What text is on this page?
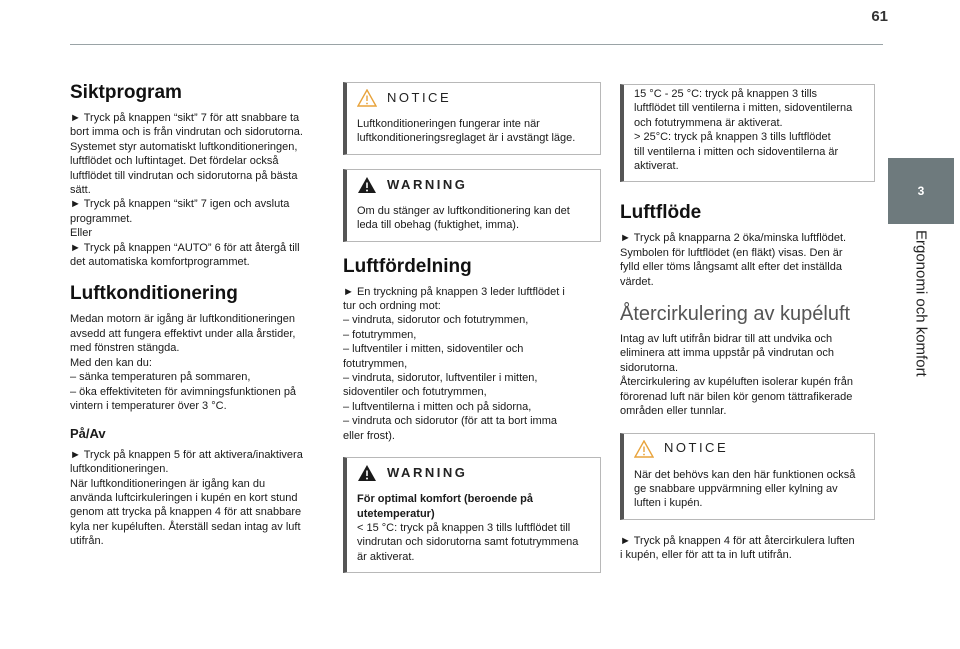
61
3
Ergonomi och komfort
Siktprogram

► Tryck på knappen “sikt” 7 för att snabbare ta
bort imma och is från vindrutan och sidorutorna.
Systemet styr automatiskt luftkonditioneringen,
luftflödet och luftintaget. Det fördelar också
luftflödet till vindrutan och sidorutorna på bästa
sätt.
► Tryck på knappen “sikt” 7 igen och avsluta
programmet.
Eller
► Tryck på knappen “AUTO” 6 för att återgå till
det automatiska komfortprogrammet.

Luftkonditionering

Medan motorn är igång är luftkonditioneringen
avsedd att fungera effektivt under alla årstider,
med fönstren stängda.
Med den kan du:
– sänka temperaturen på sommaren,
– öka effektiviteten för avimningsfunktionen på
vintern i temperaturer över 3 °C.

På/Av

► Tryck på knappen 5 för att aktivera/inaktivera
luftkonditioneringen.
När luftkonditioneringen är igång kan du
använda luftcirkuleringen i kupén en kort stund
genom att trycka på knappen 4 för att snabbare
kyla ner kupéluften. Återställ sedan intag av luft
utifrån.

NOTICE
Luftkonditioneringen fungerar inte när
luftkonditioneringsreglaget är i avstängt läge.
WARNING
Om du stänger av luftkonditionering kan det
leda till obehag (fuktighet, imma).
Luftfördelning

► En tryckning på knappen 3 leder luftflödet i
tur och ordning mot:
– vindruta, sidorutor och fotutrymmen,
– fotutrymmen,
– luftventiler i mitten, sidoventiler och
fotutrymmen,
– vindruta, sidorutor, luftventiler i mitten,
sidoventiler och fotutrymmen,
– luftventilerna i mitten och på sidorna,
– vindruta och sidorutor (för att ta bort imma
eller frost).

WARNING
För optimal komfort (beroende på
utetemperatur)
< 15 °C: tryck på knappen 3 tills luftflödet till
vindrutan och sidorutorna samt fotutrymmena
är aktiverat.
15 °C - 25 °C: tryck på knappen 3 tills
luftflödet till ventilerna i mitten, sidoventilerna
och fotutrymmena är aktiverat.
> 25°C: tryck på knappen 3 tills luftflödet
till ventilerna i mitten och sidoventilerna är
aktiverat.
Luftflöde

► Tryck på knapparna 2 öka/minska luftflödet.
Symbolen för luftflödet (en fläkt) visas. Den är
fylld eller töms långsamt allt efter det inställda
värdet.

Återcirkulering av kupéluft

Intag av luft utifrån bidrar till att undvika och
eliminera att imma uppstår på vindrutan och
sidorutorna.
Återcirkulering av kupéluften isolerar kupén från
förorenad luft när bilen kör genom tättrafikerade
områden eller tunnlar.

NOTICE
När det behövs kan den här funktionen också
ge snabbare uppvärmning eller kylning av
luften i kupén.

► Tryck på knappen 4 för att återcirkulera luften
i kupén, eller för att ta in luft utifrån.
